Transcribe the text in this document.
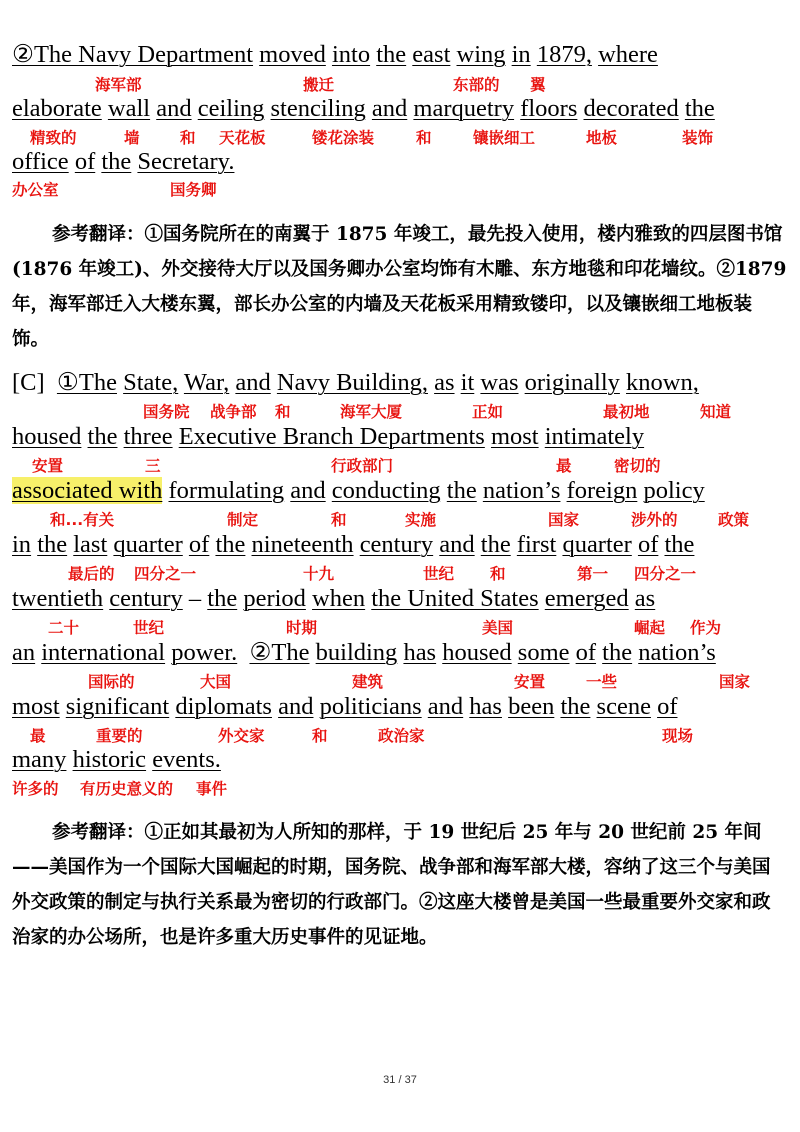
②The Navy Department moved into the east wing in 1879, where

海军部	搬迁	东部的 翼

elaborate wall and ceiling stenciling and marquetry floors decorated the

精致的	墙	和 天花板	镂花涂装	和	镶嵌细工	地板	装饰

office of the Secretary.

办公室	国务卿

参考翻译：①国务院所在的南翼于 1875 年竣工，最先投入使用，楼内雅致的四层图书馆(1876 年竣工)、外交接待大厅以及国务卿办公室均饰有木雕、东方地毯和印花墙纹。②1879 年，海军部迁入大楼东翼，部长办公室的内墙及天花板采用精致镂印，以及镶嵌细工地板装饰。

[C] ①The State, War, and Navy Building, as it was originally known,

国务院 战争部 和	海军大厦	正如	最初地	知道

housed the three Executive Branch Departments most intimately

安置	三	行政部门	最	密切的

associated with formulating and conducting the nation’s foreign policy

和...有关	制定	和	实施	国家	涉外的	政策

in the last quarter of the nineteenth century and the first quarter of the

最后的 四分之一	十九	世纪 和	第一 四分之一

twentieth century – the period when the United States emerged as

二十	世纪	时期	美国	崛起 作为

an international power. ②The building has housed some of the nation’s

国际的	大国	建筑	安置	一些	国家

most significant diplomats and politicians and has been the scene of

最	重要的	外交家	和	政治家	现场

many historic events.

许多的 有历史意义的 事件

参考翻译：①正如其最初为人所知的那样，于 19 世纪后 25 年与 20 世纪前 25 年间——美国作为一个国际大国崛起的时期，国务院、战争部和海军部大楼，容纳了这三个与美国外交政策的制定与执行关系最为密切的行政部门。②这座大楼曾是美国一些最重要外交家和政治家的办公场所，也是许多重大历史事件的见证地。

31 / 37
